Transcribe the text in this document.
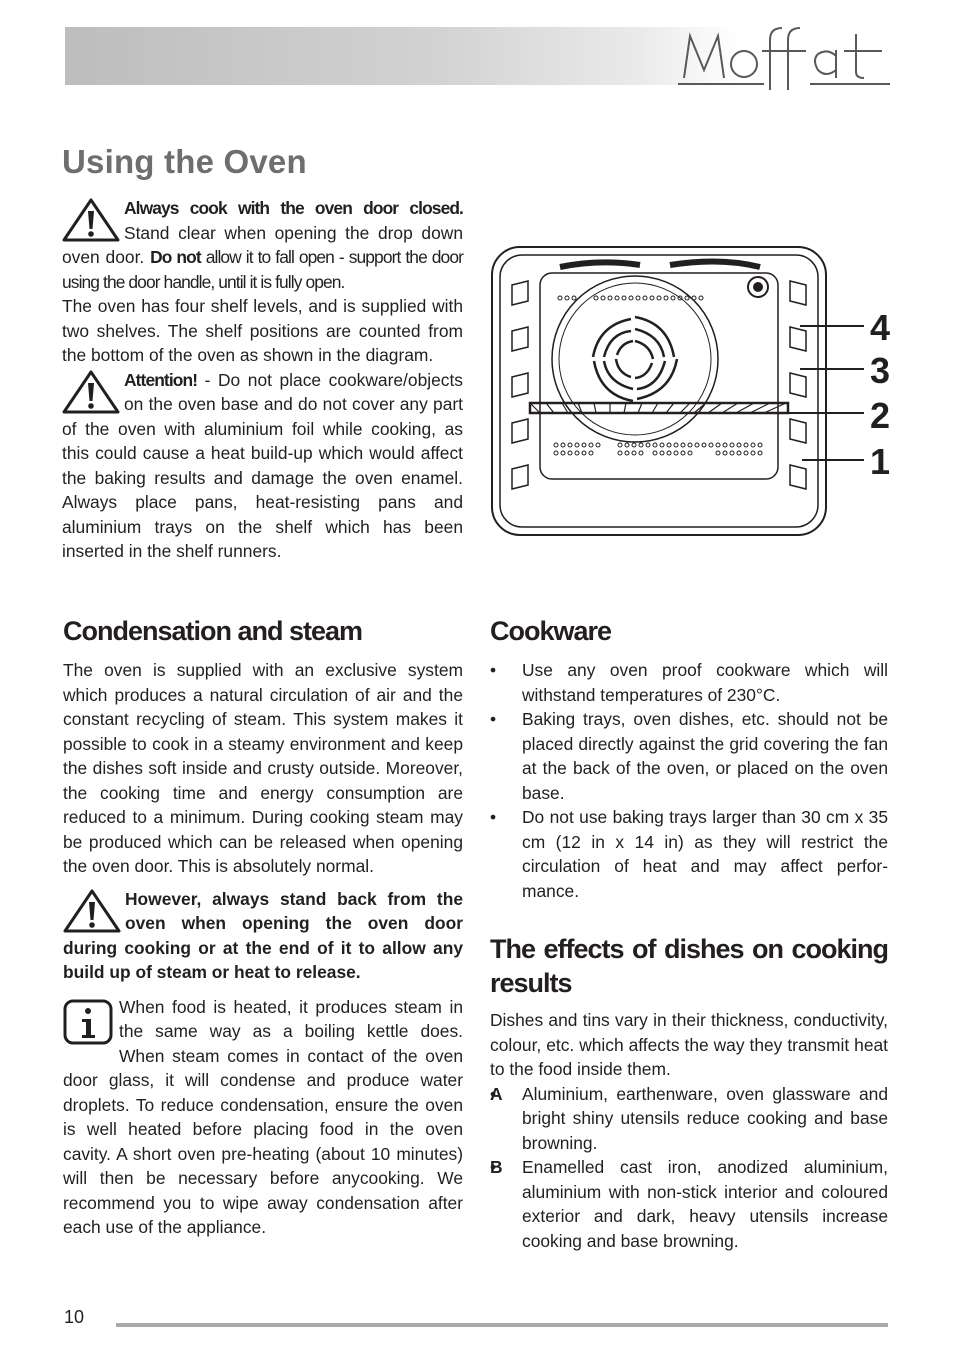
Moffat
Using the Oven

Always cook with the oven door closed. Stand clear when opening the drop down oven door. Do not allow it to fall open - support the door using the door handle, until it is fully open.

The oven has four shelf levels, and is supplied with two shelves. The shelf positions are counted from the bottom of the oven as shown in the diagram.

Attention! - Do not place cookware/objects on the oven base and do not cover any part of the oven with aluminium foil while cooking, as this could cause a heat build-up which would affect the baking results and damage the oven enamel. Always place pans, heat-resisting pans and aluminium trays on the shelf which has been inserted in the shelf runners.

4
3
2
1
Condensation and steam

The oven is supplied with an exclusive system which produces a natural circulation of air and the constant recycling of steam. This system makes it possible to cook in a steamy environment and keep the dishes soft inside and crusty outside. Moreover, the cooking time and energy consumption are reduced to a minimum. During cooking steam may be produced which can be released when opening the oven door. This is absolutely normal.

However, always stand back from the oven when opening the oven door during cooking or at the end of it to allow any build up of steam or heat to release.

When food is heated, it produces steam in the same way as a boiling kettle does. When steam comes in contact of the oven door glass, it will condense and produce water droplets. To reduce condensation, ensure the oven is well heated before placing food in the oven cavity. A short oven pre-heating (about 10 minutes) will then be necessary before anycooking. We recommend you to wipe away condensation after each use of the appliance.

Cookware
• Use any oven proof cookware which will withstand temperatures of 230°C.
• Baking trays, oven dishes, etc. should not be placed directly against the grid covering the fan at the back of the oven, or placed on the oven base.
• Do not use baking trays larger than 30 cm x 35 cm (12 in x 14 in) as they will restrict the circulation of heat and may affect perfor-mance.
The effects of dishes on cooking results

Dishes and tins vary in their thickness, conductivity, colour, etc. which affects the way they transmit heat to the food inside them.

• A Aluminium, earthenware, oven glassware and bright shiny utensils reduce cooking and base browning.
• B Enamelled cast iron, anodized aluminium, aluminium with non-stick interior and coloured exterior and dark, heavy utensils increase cooking and base browning.
10
